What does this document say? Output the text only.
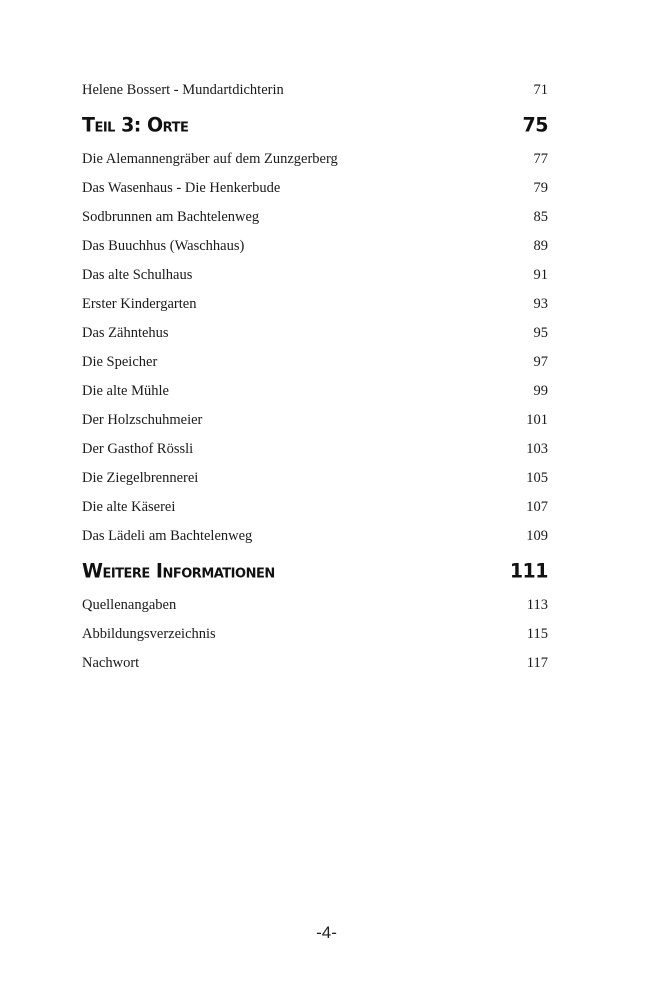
Helene Bossert - Mundartdichterin	71
Teil 3: Orte	75
Die Alemannengräber auf dem Zunzgerberg	77
Das Wasenhaus - Die Henkerbude	79
Sodbrunnen am Bachtelenweg	85
Das Buuchhus (Waschhaus)	89
Das alte Schulhaus	91
Erster Kindergarten	93
Das Zähntehus	95
Die Speicher	97
Die alte Mühle	99
Der Holzschuhmeier	101
Der Gasthof Rössli	103
Die Ziegelbrennerei	105
Die alte Käserei	107
Das Lädeli am Bachtelenweg	109
Weitere Informationen	111
Quellenangaben	113
Abbildungsverzeichnis	115
Nachwort	117
-4-
